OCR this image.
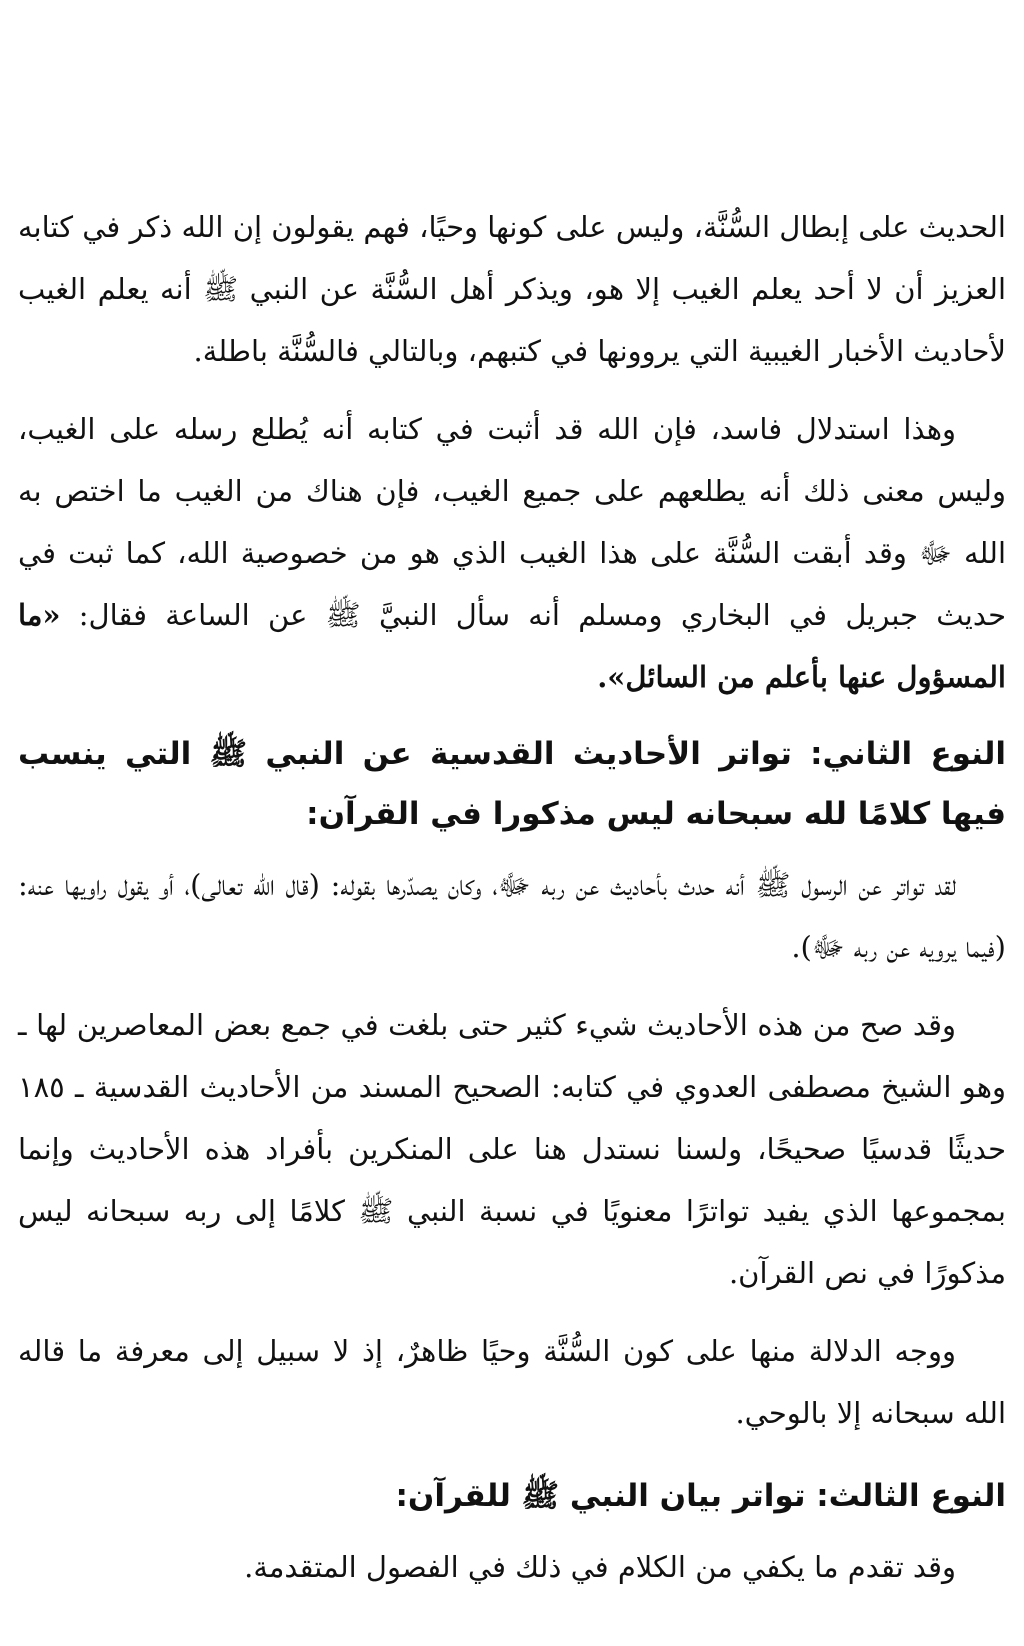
الحديث على إبطال السُّنَّة، وليس على كونها وحيًا، فهم يقولون إن الله ذكر في كتابه العزيز أن لا أحد يعلم الغيب إلا هو، ويذكر أهل السُّنَّة عن النبي ﷺ أنه يعلم الغيب لأحاديث الأخبار الغيبية التي يروونها في كتبهم، وبالتالي فالسُّنَّة باطلة.

وهذا استدلال فاسد، فإن الله قد أثبت في كتابه أنه يُطلع رسله على الغيب، وليس معنى ذلك أنه يطلعهم على جميع الغيب، فإن هناك من الغيب ما اختص به الله ﷻ وقد أبقت السُّنَّة على هذا الغيب الذي هو من خصوصية الله، كما ثبت في حديث جبريل في البخاري ومسلم أنه سأل النبيَّ ﷺ عن الساعة فقال: «ما المسؤول عنها بأعلم من السائل».

النوع الثاني: تواتر الأحاديث القدسية عن النبي ﷺ التي ينسب فيها كلامًا لله سبحانه ليس مذكورا في القرآن:

لقد تواتر عن الرسول ﷺ أنه حدث بأحاديث عن ربه ﷻ، وكان يصدّرها بقوله: (قال الله تعالى)، أو يقول راويها عنه: (فيما يرويه عن ربه ﷻ).

وقد صح من هذه الأحاديث شيء كثير حتى بلغت في جمع بعض المعاصرين لها ـ وهو الشيخ مصطفى العدوي في كتابه: الصحيح المسند من الأحاديث القدسية ـ ١٨٥ حديثًا قدسيًا صحيحًا، ولسنا نستدل هنا على المنكرين بأفراد هذه الأحاديث وإنما بمجموعها الذي يفيد تواترًا معنويًا في نسبة النبي ﷺ كلامًا إلى ربه سبحانه ليس مذكورًا في نص القرآن.

ووجه الدلالة منها على كون السُّنَّة وحيًا ظاهرٌ، إذ لا سبيل إلى معرفة ما قاله الله سبحانه إلا بالوحي.

النوع الثالث: تواتر بيان النبي ﷺ للقرآن:

وقد تقدم ما يكفي من الكلام في ذلك في الفصول المتقدمة.
